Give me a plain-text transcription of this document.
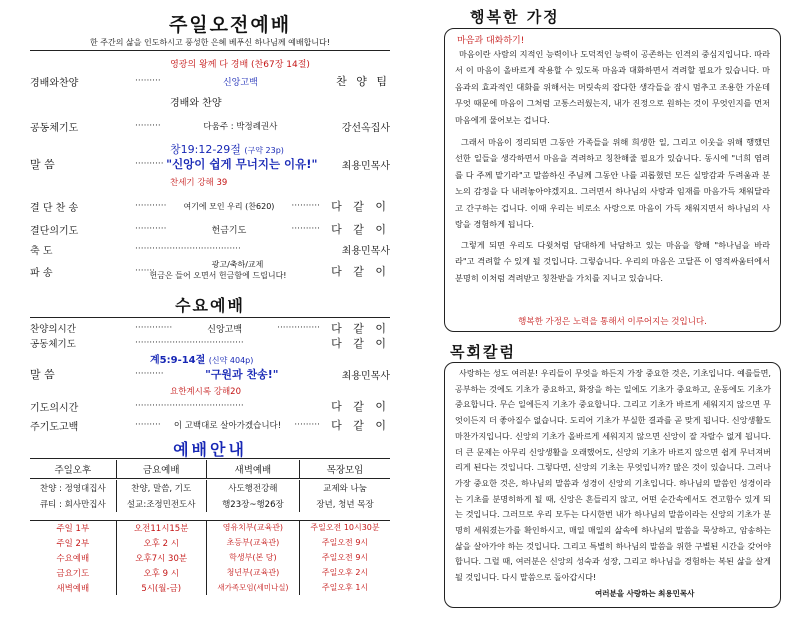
주일오전예배
한 주간의 삶을 인도하시고 풍성한 은혜 베푸신 하나님께 예배합니다!
영광의 왕께 다 경배 (찬67장 14절)
경배와찬양	·········	신앙고백	찬 양 팀
경배와 찬양
공동체기도	·········	다움주 : 박정례권사	강선옥집사
창19:12-29절 (구약 23p)
말 씀	·········· "신앙이 쉽게 무너지는 이유!"	최용민목사
찬세기 강해 39
결 단 찬 송	···········	여기에 모인 우리 (찬620)	··········	다 같 이
결단의기도	···········	헌금기도	··········	다 같 이
축 도	·····································	최용민목사
파 송	·······
광고/축하/교제
다 같 이
헌금은 들어 오면서 헌금함에 드립니다!
수요예배
찬양의시간	·············	신앙고백	···············	다 같 이
공동체기도	······································	다 같 이
계5:9-14절 (신약 404p)
말 씀	··········	"구원과 찬송!"	최용민목사
요한계시록 강해20
기도의시간	······································	다 같 이
주기도고백	·········	이 고백대로 살아가겠습니다!	·········	다 같 이
예배안내
주일오후	금요예배	새벽예배	목장모임

찬양 : 정영대집사	찬양, 말씀, 기도	사도행전강해	교제와 나눔
큐티 : 회사만집사	설교:조정민전도사	행23장~행26장	장년, 청년 목장

주일 1부	오전11시15분	영유치부(교육관)	주일오전 10시30분
주일 2부	오후 2 시	초등부(교육관)	주일오전 9시
수요예배	오후7시 30분	학생부(본 당)	주일오전 9시
금요기도	오후 9 시	청년부(교육관)	주일오후 2시
새벽예배	5시(월-금)	새가족모임(세미나실)	주일오후 1시
행복한 가정
마음과 대화하기!
마음이란 사람의 지적인 능력이나 도덕적인 능력이 공존하는 인격의 중심지입니다. 따라서 이 마음이 올바르게 작용할 수 있도록 마음과 대화하면서 격려할 필요가 있습니다. 마음과의 효과적인 대화를 위해서는 머릿속의 잡다한 생각들을 잠시 멈추고 조용한 가운데 무엇 때문에 마음이 그처럼 고통스러웠는지, 내가 진정으로 원하는 것이 무엇인지를 먼저 마음에게 물어보는 겁니다.
그래서 마음이 정리되면 그동안 가족들을 위해 희생한 일, 그리고 이웃을 위해 행했던 선한 일들을 생각하면서 마음을 격려하고 칭찬해줄 필요가 있습니다. 동시에 "너희 염려를 다 주께 맡기라"고 말씀하신 주님께 그동안 나를 괴롭혔던 모든 실망감과 두려움과 분노의 감정을 다 내려놓아야겠지요. 그러면서 하나님의 사랑과 임재를 마음가득 채워달라고 간구하는 겁니다. 이때 우리는 비로소 사랑으로 마음이 가득 채워지면서 하나님의 사랑을 경험하게 됩니다.
그렇게 되면 우리도 다윗처럼 담대하게 낙담하고 있는 마음을 향해 "하나님을 바라라"고 격려할 수 있게 될 것입니다. 그렇습니다. 우리의 마음은 고달픈 이 영적싸움터에서 분명히 이처럼 격려받고 칭찬받을 가치를 지니고 있습니다.
행복한 가정은 노력을 통해서 이루어지는 것입니다.
목회칼럼
사랑하는 성도 여러분! 우리들이 무엇을 하든지 가장 중요한 것은, 기초입니다. 예를들면, 공부하는 것에도 기초가 중요하고, 화장을 하는 일에도 기초가 중요하고, 운동에도 기초가 중요합니다. 무슨 일에든지 기초가 중요합니다. 그리고 기초가 바르게 세워지지 않으면 무엇이든지 더 좋아질수 없습니다. 도리어 기초가 부실한 결과를 곧 맞게 됩니다. 신앙생활도 마찬가지입니다. 신앙의 기초가 올바르게 세워지지 않으면 신앙이 잘 자랄수 없게 됩니다. 더 큰 문제는 아무리 신앙생활을 오래했어도, 신앙의 기초가 바르지 않으면 쉽게 무너져버리게 된다는 것입니다. 그렇다면, 신앙의 기초는 무엇입니까? 많은 것이 있습니다. 그러나 가장 중요한 것은, 하나님의 말씀과 성경이 신앙의 기초입니다. 하나님의 말씀인 성경이라는 기초를 분명히하게 될 때, 신앙은 흔들리지 않고, 어떤 순간속에서도 견고함수 있게 되는 것입니다. 그러므로 우리 모두는 다시한번 내가 하나님의 말씀이라는 신앙의 기초가 분명히 세워졌는가를 확인하시고, 매일 매일의 삶속에 하나님의 말씀을 묵상하고, 암송하는 삶을 살아가야 하는 것입니다. 그리고 특별히 하나님의 말씀을 위한 구별된 시간을 갖어야 합니다. 그럴 때, 여러분은 신앙의 성숙과 성장, 그리고 하나님을 경험하는 복된 삶을 살게 될 것입니다. 다시 말씀으로 돌아갑시다!
여러분을 사랑하는 최용민목사
